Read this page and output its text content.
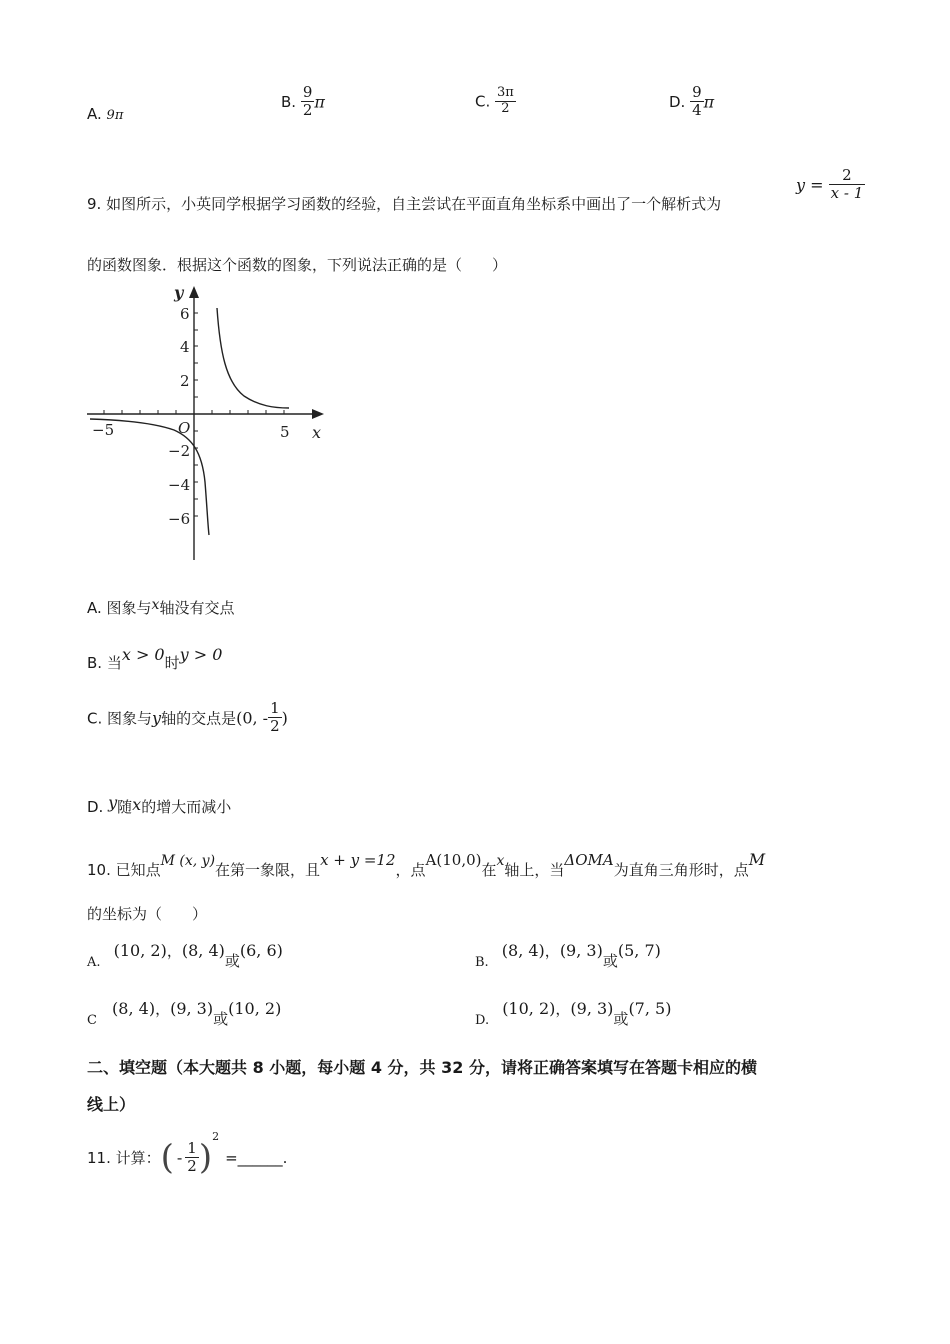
A. 9π
B. $\frac{9}{2}$ π	C. $\frac{3\pi}{2}$	D. $\frac{9}{4}$ π
9. 如图所示，小英同学根据学习函数的经验，自主尝试在平面直角坐标系中画出了一个解析式为
$y = \frac{2}{x - 1}$
的函数图象．根据这个函数的图象，下列说法正确的是（　　）
y
x
O
6
4
2
−2
−4
−6
−5	5
A. 图象与x轴没有交点
B. 当x > 0时y > 0
C. 图象与y轴的交点是(0, - $\frac{1}{2}$ )
D. y随x的增大而减小
10. 已知点M (x, y)在第一象限，且x + y =12，点A(10,0)在x轴上，当ΔOMA为直角三角形时，点M
的坐标为（　　）
$_{A.}$ (10, 2)，(8, 4)或(6, 6)
$_{B.}$ (8, 4)，(9, 3)或(5, 7)
$_C$ (8, 4)，(9, 3)或(10, 2)
$_{D.}$ (10, 2)，(9, 3)或(7, 5)
二、填空题（本大题共 8 小题，每小题 4 分，共 32 分，请将正确答案填写在答题卡相应的横
线上）
11. 计算：( - $\frac{1}{2}$ )$^2$=______.
